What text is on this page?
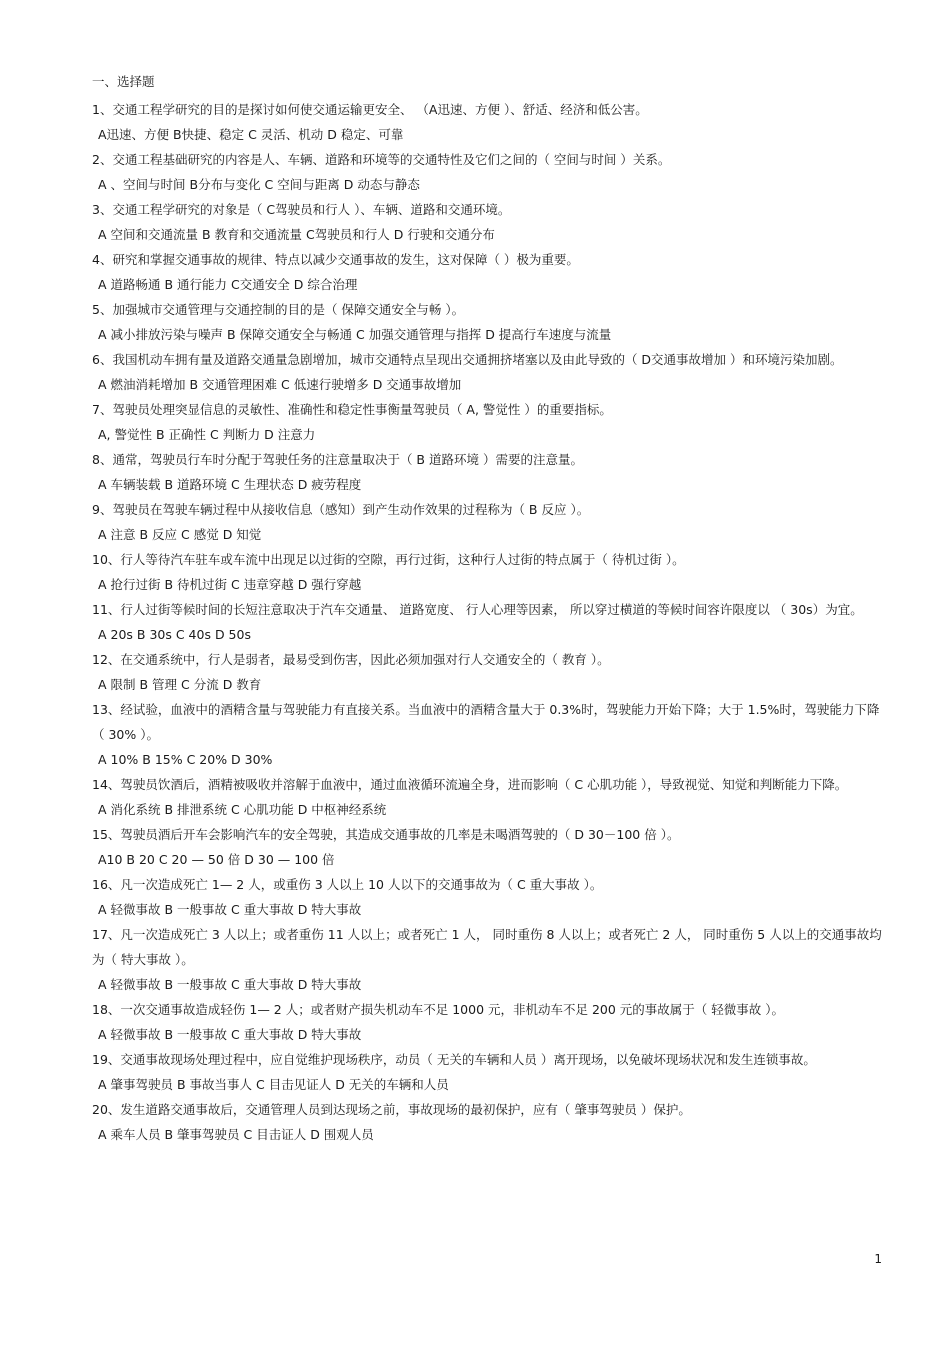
一、选择题
1、交通工程学研究的目的是探讨如何使交通运输更安全、 （A迅速、方便 ）、舒适、经济和低公害。
A迅速、方便 B快捷、稳定 C 灵活、机动 D 稳定、可靠
2、交通工程基础研究的内容是人、车辆、道路和环境等的交通特性及它们之间的（ 空间与时间 ）关系。
A 、空间与时间 B分布与变化 C 空间与距离 D 动态与静态
3、交通工程学研究的对象是（ C驾驶员和行人 ）、车辆、道路和交通环境。
A 空间和交通流量 B 教育和交通流量 C驾驶员和行人 D 行驶和交通分布
4、研究和掌握交通事故的规律、特点以减少交通事故的发生，这对保障（ ）极为重要。
A 道路畅通 B 通行能力 C交通安全 D 综合治理
5、加强城市交通管理与交通控制的目的是（ 保障交通安全与畅 ）。
A 减小排放污染与噪声 B 保障交通安全与畅通 C 加强交通管理与指挥 D 提高行车速度与流量
6、我国机动车拥有量及道路交通量急剧增加，城市交通特点呈现出交通拥挤堵塞以及由此导致的（ D交通事故增加 ）和环境污染加剧。
A 燃油消耗增加 B 交通管理困难 C 低速行驶增多 D 交通事故增加
7、驾驶员处理突显信息的灵敏性、准确性和稳定性事衡量驾驶员（ A, 警觉性 ）的重要指标。
A, 警觉性 B 正确性 C 判断力 D 注意力
8、通常，驾驶员行车时分配于驾驶任务的注意量取决于（ B 道路环境 ）需要的注意量。
A 车辆装载 B 道路环境 C 生理状态 D 疲劳程度
9、驾驶员在驾驶车辆过程中从接收信息（感知）到产生动作效果的过程称为（ B 反应 ）。
A 注意 B 反应 C 感觉 D 知觉
10、行人等待汽车驻车或车流中出现足以过街的空隙，再行过街，这种行人过街的特点属于（ 待机过街 ）。
A 抢行过街 B 待机过街 C 违章穿越 D 强行穿越
11、行人过街等候时间的长短注意取决于汽车交通量、 道路宽度、 行人心理等因素， 所以穿过横道的等候时间容许限度以 （ 30s）为宜。
A 20s B 30s C 40s D 50s
12、在交通系统中，行人是弱者，最易受到伤害，因此必须加强对行人交通安全的（ 教育 ）。
A 限制 B 管理 C 分流 D 教育
13、经试验，血液中的酒精含量与驾驶能力有直接关系。当血液中的酒精含量大于 0.3%时，驾驶能力开始下降；大于 1.5%时，驾驶能力下降（ 30% ）。
A 10% B 15% C 20% D 30%
14、驾驶员饮酒后，酒精被吸收并溶解于血液中，通过血液循环流遍全身，进而影响（ C 心肌功能 ），导致视觉、知觉和判断能力下降。
A 消化系统 B 排泄系统 C 心肌功能 D 中枢神经系统
15、驾驶员酒后开车会影响汽车的安全驾驶，其造成交通事故的几率是未喝酒驾驶的（ D 30－100 倍 ）。
A10 B 20 C 20 — 50 倍 D 30 — 100 倍
16、凡一次造成死亡 1— 2 人，或重伤 3 人以上 10 人以下的交通事故为（ C 重大事故 ）。
A 轻微事故 B 一般事故 C 重大事故 D 特大事故
17、凡一次造成死亡 3 人以上；或者重伤 11 人以上；或者死亡 1 人， 同时重伤 8 人以上；或者死亡 2 人， 同时重伤 5 人以上的交通事故均为（ 特大事故 ）。
A 轻微事故 B 一般事故 C 重大事故 D 特大事故
18、一次交通事故造成轻伤 1— 2 人；或者财产损失机动车不足 1000 元，非机动车不足 200 元的事故属于（ 轻微事故 ）。
A 轻微事故 B 一般事故 C 重大事故 D 特大事故
19、交通事故现场处理过程中，应自觉维护现场秩序，动员（ 无关的车辆和人员 ）离开现场，以免破坏现场状况和发生连锁事故。
A 肇事驾驶员 B 事故当事人 C 目击见证人 D 无关的车辆和人员
20、发生道路交通事故后，交通管理人员到达现场之前，事故现场的最初保护，应有（ 肇事驾驶员 ）保护。
A 乘车人员 B 肇事驾驶员 C 目击证人 D 围观人员
1
